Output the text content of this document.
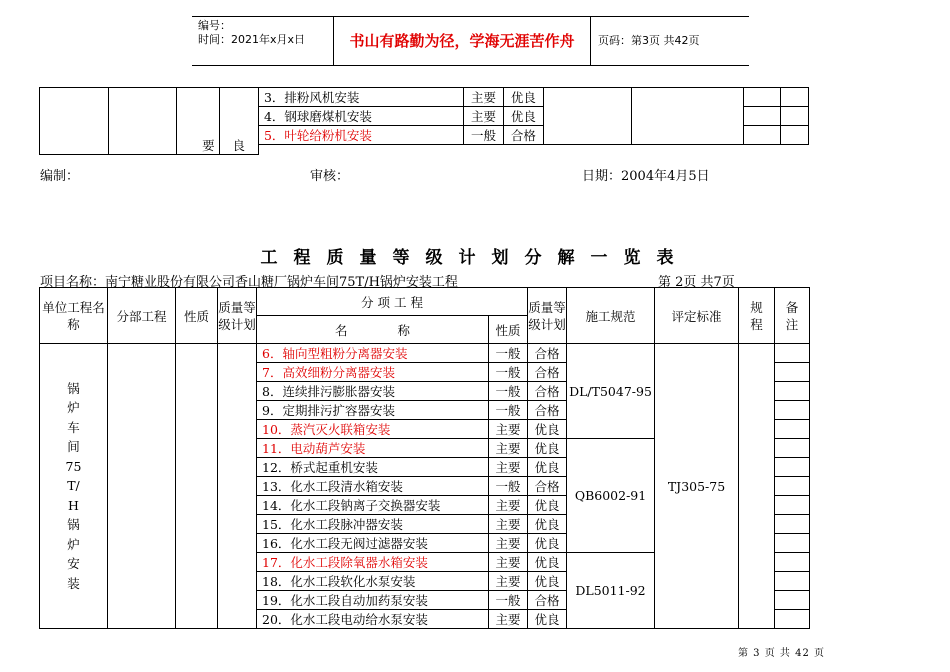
编号：
时间：2021年x月x日	书山有路勤为径，学海无涯苦作舟	页码：第3页 共42页
		要	良	3．排粉风机安装	主要	优良				
				4．钢球磨煤机安装	主要	优良				
				5．叶轮给粉机安装	一般	合格				

编制：	审核：	日期：2004年4月5日
工程质量等级计划分解一览表
项目名称：南宁糖业股份有限公司香山糖厂锅炉车间75T/H锅炉安装工程	第 2页 共7页
单位工程名称	分部工程	性质	质量等级计划	分 项 工 程		质量等级计划	施工规范	评定标准	规程	备注
				名　　　　称	性质					
锅炉车间75T/H锅炉安装				6．轴向型粗粉分离器安装	一般	合格	DL/T5047-95	TJ305-75		
				7．高效细粉分离器安装	一般	合格				
				8．连续排污膨胀器安装	一般	合格				
				9．定期排污扩容器安装	一般	合格				
				10．蒸汽灭火联箱安装	主要	优良				
				11．电动葫芦安装	主要	优良	QB6002-91			
				12．桥式起重机安装	主要	优良				
				13．化水工段清水箱安装	一般	合格				
				14．化水工段钠离子交换器安装	主要	优良				
				15．化水工段脉冲器安装	主要	优良				
				16．化水工段无阀过滤器安装	主要	优良				
				17．化水工段除氧器水箱安装	主要	优良	DL5011-92			
				18．化水工段软化水泵安装	主要	优良				
				19．化水工段自动加药泵安装	一般	合格				
				20．化水工段电动给水泵安装	主要	优良				
第 3 页 共 42 页
